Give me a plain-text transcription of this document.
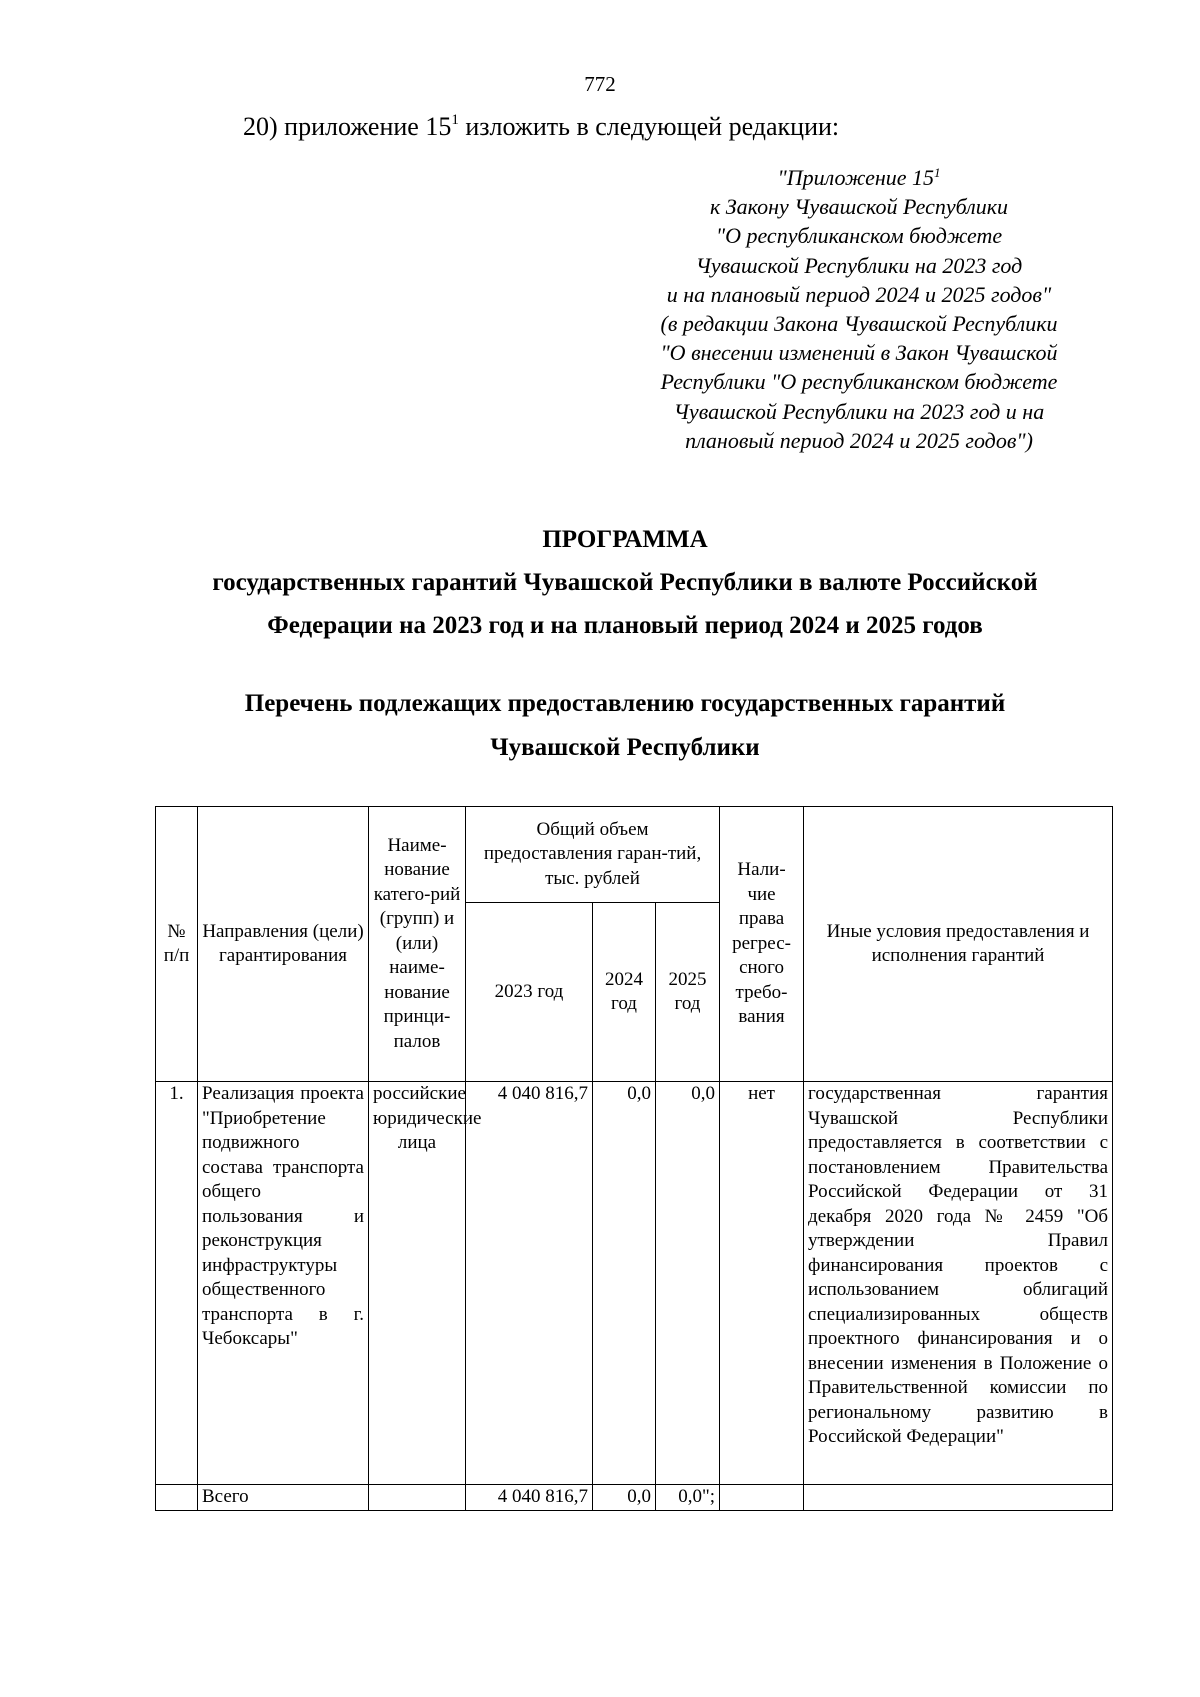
772
20) приложение $15^1$ изложить в следующей редакции:
"Приложение $15^1$
к Закону Чувашской Республики
"О республиканском бюджете
Чувашской Республики на 2023 год
и на плановый период 2024 и 2025 годов"
(в редакции Закона Чувашской Республики
"О внесении изменений в Закон Чувашской
Республики "О республиканском бюджете
Чувашской Республики на 2023 год и на
плановый период 2024 и 2025 годов")
ПРОГРАММА
государственных гарантий Чувашской Республики в валюте Российской
Федерации на 2023 год и на плановый период 2024 и 2025 годов
Перечень подлежащих предоставлению государственных гарантий
Чувашской Республики
№ п/п	Направления (цели) гарантирования	Наиме-нование катего-рий (групп) и (или) наиме-нование принци-палов	Общий объем предоставления гаран-тий, тыс. рублей			Нали-чие права регрес-сного требо-вания	Иные условия предоставления и исполнения гарантий
			2023 год	2024 год	2025 год		
1.	Реализация проекта "Приобретение подвижного состава транспорта общего пользования и реконструкция инфраструктуры общественного транспорта в г. Чебоксары"	российские юридические лица	4 040 816,7	0,0	0,0	нет	государственная гарантия Чувашской Республики предоставляется в соответствии с постановлением Правительства Российской Федерации от 31 декабря 2020 года № 2459 "Об утверждении Правил финансирования проектов с использованием облигаций специализированных обществ проектного финансирования и о внесении изменения в Положение о Правительственной комиссии по региональному развитию в Российской Федерации"
	Всего		4 040 816,7	0,0	0,0";		
